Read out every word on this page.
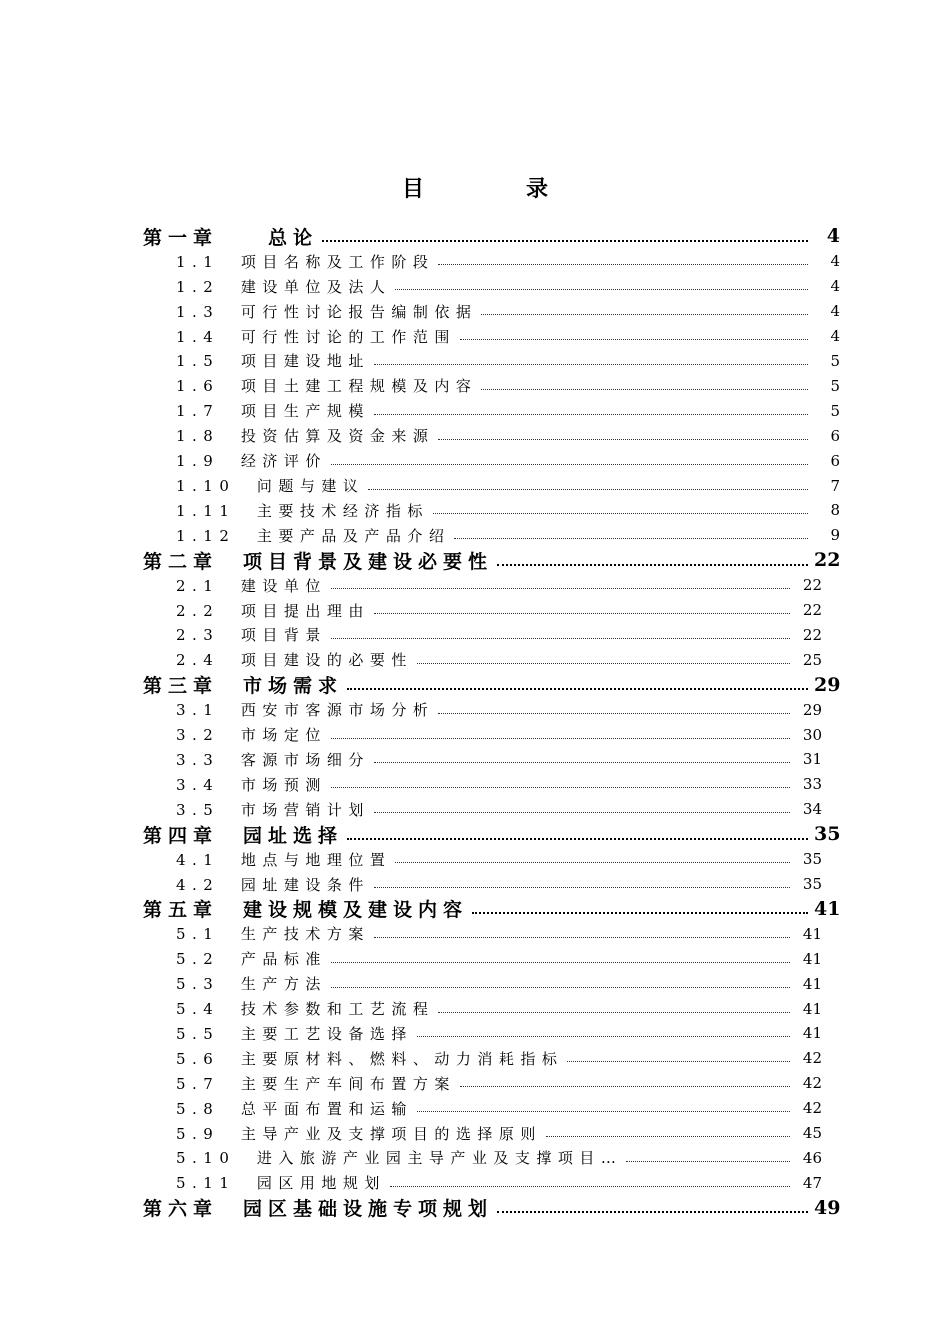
目　录
第一章　　总论	4
1.1　项目名称及工作阶段	4
1.2　建设单位及法人	4
1.3　可行性讨论报告编制依据	4
1.4　可行性讨论的工作范围	4
1.5　项目建设地址	5
1.6　项目土建工程规模及内容	5
1.7　项目生产规模	5
1.8　投资估算及资金来源	6
1.9　经济评价	6
1.10　问题与建议	7
1.11　主要技术经济指标	8
1.12　主要产品及产品介绍	9
第二章　项目背景及建设必要性	22
2.1　建设单位	22
2.2　项目提出理由	22
2.3　项目背景	22
2.4　项目建设的必要性	25
第三章　市场需求	29
3.1　西安市客源市场分析	29
3.2　市场定位	30
3.3　客源市场细分	31
3.4　市场预测	33
3.5　市场营销计划	34
第四章　园址选择	35
4.1　地点与地理位置	35
4.2　园址建设条件	35
第五章　建设规模及建设内容	41
5.1　生产技术方案	41
5.2　产品标准	41
5.3　生产方法	41
5.4　技术参数和工艺流程	41
5.5　主要工艺设备选择	41
5.6　主要原材料、燃料、动力消耗指标	42
5.7　主要生产车间布置方案	42
5.8　总平面布置和运输	42
5.9　主导产业及支撑项目的选择原则	45
5.10　进入旅游产业园主导产业及支撑项目…	46
5.11　园区用地规划	47
第六章　园区基础设施专项规划	49
